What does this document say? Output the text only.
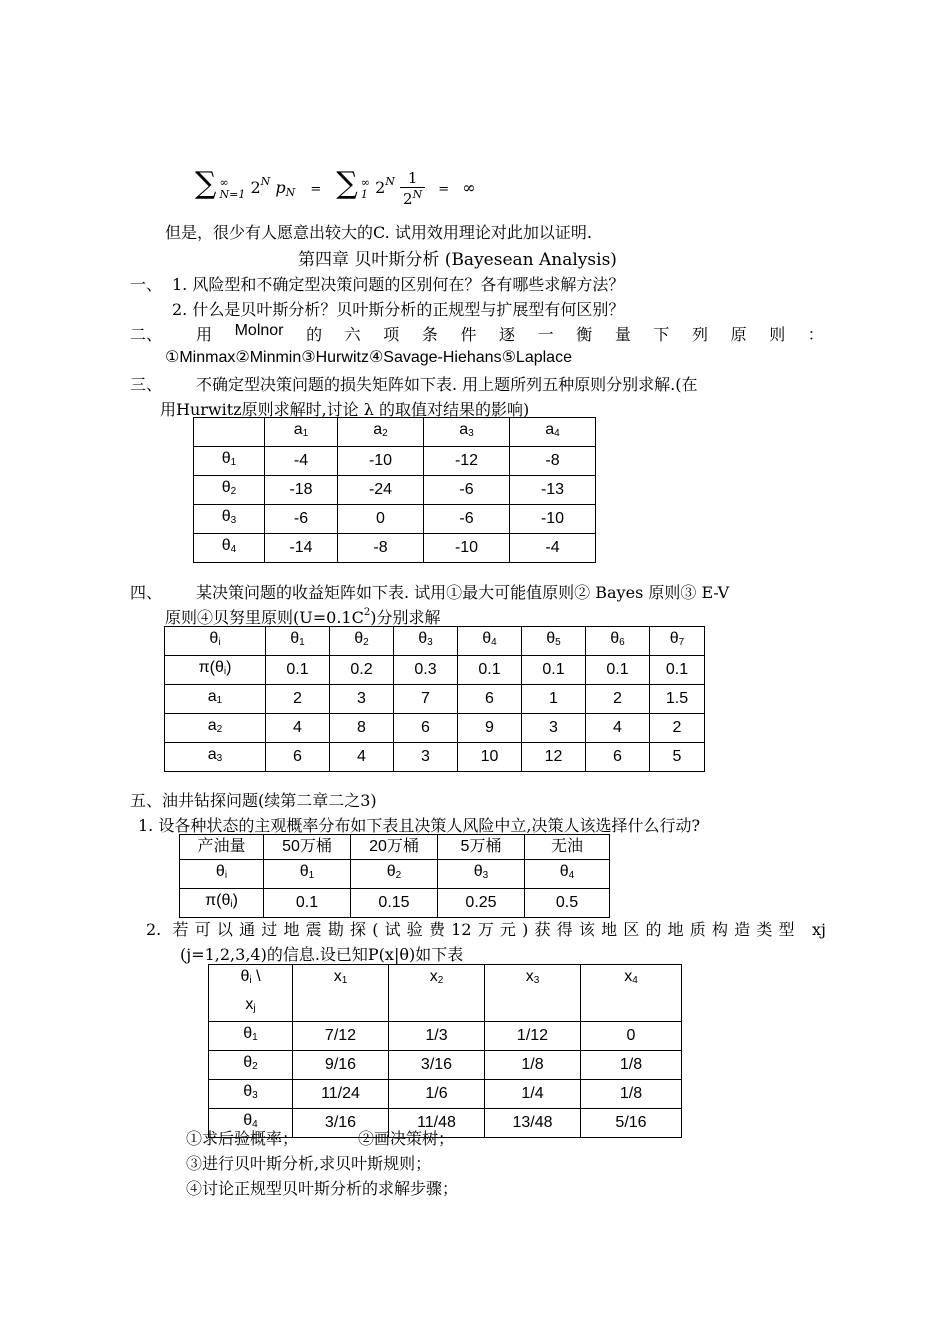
∑ ∞
N=1 $2^N$ pN = ∑ ∞
1 $2^N \frac{1}{2^N}$ = ∞
但是，很少有人愿意出较大的C. 试用效用理论对此加以证明.
第四章 贝叶斯分析 (Bayesean Analysis)
一、 1. 风险型和不确定型决策问题的区别何在？各有哪些求解方法？
2. 什么是贝叶斯分析？贝叶斯分析的正规型与扩展型有何区别？
二、 用 Molnor 的 六 项 条 件 逐 一 衡 量 下 列 原 则 ：
①Minmax②Minmin③Hurwitz④Savage-Hiehans⑤Laplace
三、 不确定型决策问题的损失矩阵如下表. 用上题所列五种原则分别求解.(在
用Hurwitz原则求解时,讨论 λ 的取值对结果的影响)
	$a_1$	$a_2$	$a_3$	$a_4$
$\theta_1$	-4	-10	-12	-8
$\theta_2$	-18	-24	-6	-13
$\theta_3$	-6	0	-6	-10
$\theta_4$	-14	-8	-10	-4
四、 某决策问题的收益矩阵如下表. 试用①最大可能值原则② Bayes 原则③ E-V
原则④贝努里原则$(U=0.1C^2)$分别求解
$\theta_i$	$\theta_1$	$\theta_2$	$\theta_3$	$\theta_4$	$\theta_5$	$\theta_6$	$\theta_7$
$\pi(\theta_i)$	0.1	0.2	0.3	0.1	0.1	0.1	0.1
$a_1$	2	3	7	6	1	2	1.5
$a_2$	4	8	6	9	3	4	2
$a_3$	6	4	3	10	12	6	5
五、油井钻探问题(续第二章二之3)
1. 设各种状态的主观概率分布如下表且决策人风险中立,决策人该选择什么行动?
产油量	50万桶	20万桶	5万桶	无油
$\theta_i$	$\theta_1$	$\theta_2$	$\theta_3$	$\theta_4$
$\pi(\theta_i)$	0.1	0.15	0.25	0.5
2. 若可以通过地震勘探(试验费12万元)获得该地区的地质构造类型 xj
(j=1,2,3,4)的信息.设已知P(x|θ)如下表
$\theta_i$ \
$x_j$	$x_1$	$x_2$	$x_3$	$x_4$
$\theta_1$	7/12	1/3	1/12	0
$\theta_2$	9/16	3/16	1/8	1/8
$\theta_3$	11/24	1/6	1/4	1/8
$\theta_4$	3/16	11/48	13/48	5/16
①求后验概率；	②画决策树；
③进行贝叶斯分析,求贝叶斯规则；
④讨论正规型贝叶斯分析的求解步骤；
